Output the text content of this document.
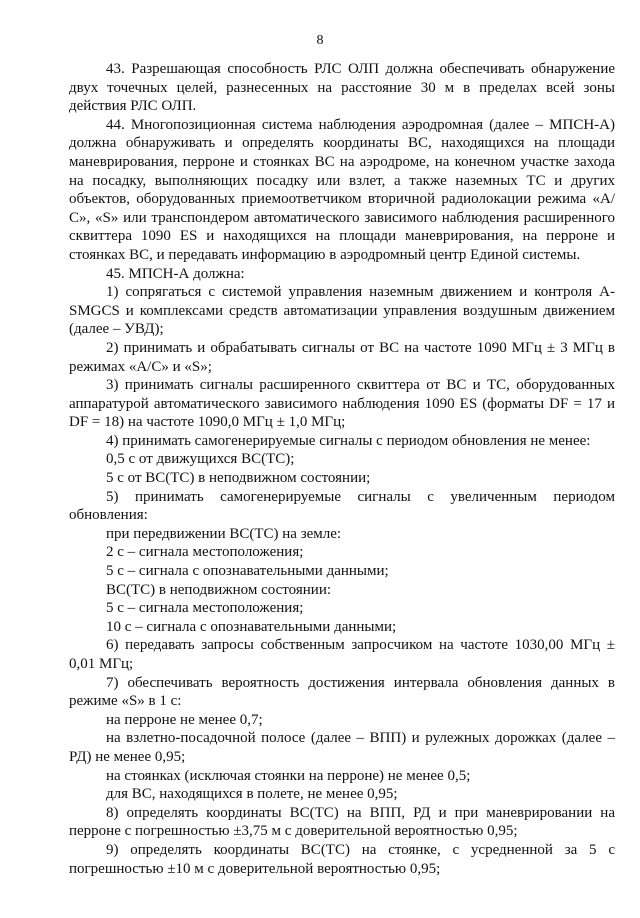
8

43. Разрешающая способность РЛС ОЛП должна обеспечивать обнаружение двух точечных целей, разнесенных на расстояние 30 м в пределах всей зоны действия РЛС ОЛП.

44. Многопозиционная система наблюдения аэродромная (далее – МПСН-А) должна обнаруживать и определять координаты ВС, находящихся на площади маневрирования, перроне и стоянках ВС на аэродроме, на конечном участке захода на посадку, выполняющих посадку или взлет, а также наземных ТС и других объектов, оборудованных приемоответчиком вторичной радиолокации режима «А/С», «S» или транспондером автоматического зависимого наблюдения расширенного сквиттера 1090 ES и находящихся на площади маневрирования, на перроне и стоянках ВС, и передавать информацию в аэродромный центр Единой системы.

45. МПСН-А должна:

1) сопрягаться с системой управления наземным движением и контроля A-SMGCS и комплексами средств автоматизации управления воздушным движением (далее – УВД);

2) принимать и обрабатывать сигналы от ВС на частоте 1090 МГц ± 3 МГц в режимах «А/С» и «S»;

3) принимать сигналы расширенного сквиттера от ВС и ТС, оборудованных аппаратурой автоматического зависимого наблюдения 1090 ES (форматы DF = 17 и DF = 18) на частоте 1090,0 МГц ± 1,0 МГц;

4) принимать самогенерируемые сигналы с периодом обновления не менее:

0,5 с от движущихся ВС(ТС);

5 с от ВС(ТС) в неподвижном состоянии;

5) принимать самогенерируемые сигналы с увеличенным периодом обновления:

при передвижении ВС(ТС) на земле:

2 с – сигнала местоположения;

5 с – сигнала с опознавательными данными;

ВС(ТС) в неподвижном состоянии:

5 с – сигнала местоположения;

10 с – сигнала с опознавательными данными;

6) передавать запросы собственным запросчиком на частоте 1030,00 МГц ± 0,01 МГц;

7) обеспечивать вероятность достижения интервала обновления данных в режиме «S» в 1 с:

на перроне не менее 0,7;

на взлетно-посадочной полосе (далее – ВПП) и рулежных дорожках (далее – РД) не менее 0,95;

на стоянках (исключая стоянки на перроне) не менее 0,5;

для ВС, находящихся в полете, не менее 0,95;

8) определять координаты ВС(ТС) на ВПП, РД и при маневрировании на перроне с погрешностью ±3,75 м с доверительной вероятностью 0,95;

9) определять координаты ВС(ТС) на стоянке, с усредненной за 5 с погрешностью ±10 м с доверительной вероятностью 0,95;
